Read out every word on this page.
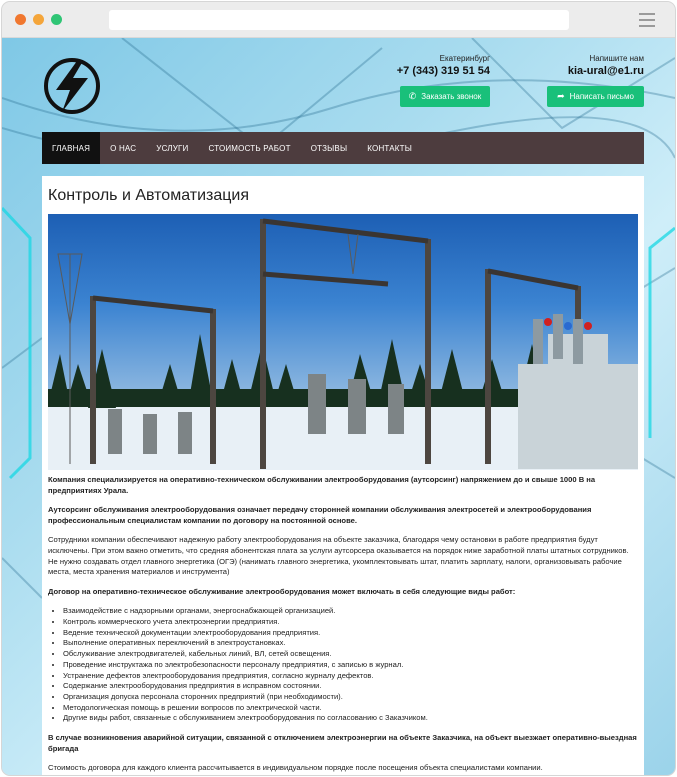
Екатеринбург
+7 (343) 319 51 54
Напишите нам
kia-ural@e1.ru
✆ Заказать звонок	➦ Написать письмо
ГЛАВНАЯ	О НАС	УСЛУГИ	СТОИМОСТЬ РАБОТ	ОТЗЫВЫ	КОНТАКТЫ
Контроль и Автоматизация

Компания специализируется на оперативно-техническом обслуживании электрооборудования (аутсорсинг) напряжением до и свыше 1000 В на предприятиях Урала.

Аутсорсинг обслуживания электрооборудования означает передачу сторонней компании обслуживания электросетей и электрооборудования профессиональным специалистам компании по договору на постоянной основе.

Сотрудники компании обеспечивают надежную работу электрооборудования на объекте заказчика, благодаря чему остановки в работе предприятия будут исключены. При этом важно отметить, что средняя абонентская плата за услуги аутсорсера оказывается на порядок ниже заработной платы штатных сотрудников. Не нужно создавать отдел главного энергетика (ОГЭ) (нанимать главного энергетика, укомплектовывать штат, платить зарплату, налоги, организовывать рабочие места, места хранения материалов и инструмента)

Договор на оперативно-техническое обслуживание электрооборудования может включать в себя следующие виды работ:

• Взаимодействие с надзорными органами, энергоснабжающей организацией.
• Контроль коммерческого учета электроэнергии предприятия.
• Ведение технической документации электрооборудования предприятия.
• Выполнение оперативных переключений в электроустановках.
• Обслуживание электродвигателей, кабельных линий, ВЛ, сетей освещения.
• Проведение инструктажа по электробезопасности персоналу предприятия, с записью в журнал.
• Устранение дефектов электрооборудования предприятия, согласно журналу дефектов.
• Содержание электрооборудования предприятия в исправном состоянии.
• Организация допуска персонала сторонних предприятий (при необходимости).
• Методологическая помощь в решении вопросов по электрической части.
• Другие виды работ, связанные с обслуживанием электрооборудования по согласованию с Заказчиком.

В случае возникновения аварийной ситуации, связанной с отключением электроэнергии на объекте Заказчика, на объект выезжает оперативно-выездная бригада

Стоимость договора для каждого клиента рассчитывается в индивидуальном порядке после посещения объекта специалистами компании.
